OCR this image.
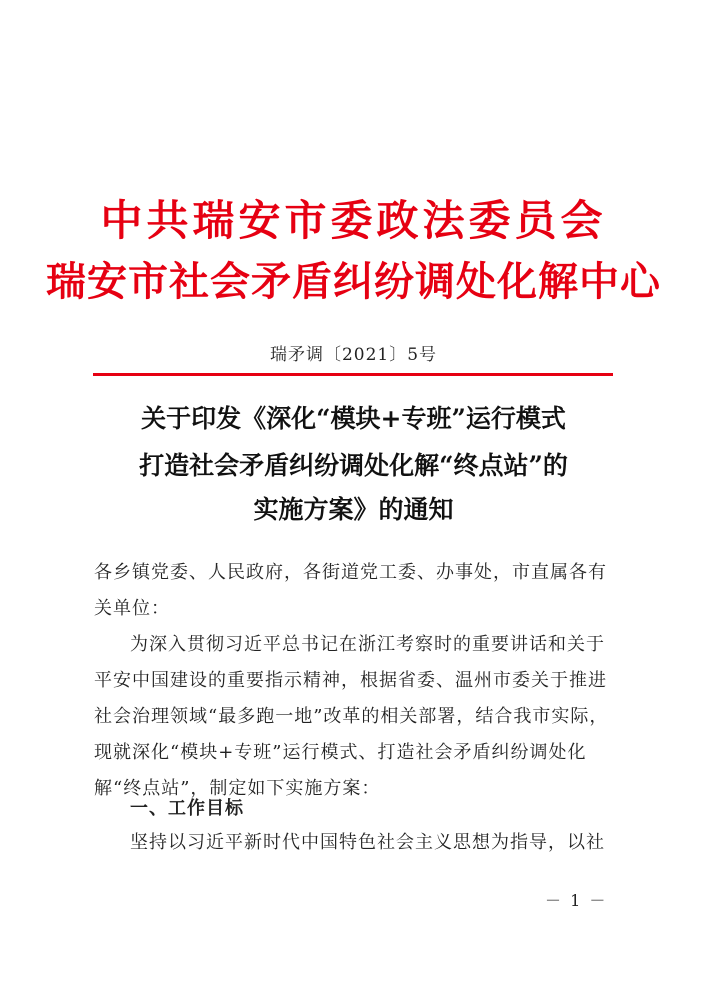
中共瑞安市委政法委员会
瑞安市社会矛盾纠纷调处化解中心
瑞矛调〔2021〕5号
关于印发《深化“模块+专班”运行模式
打造社会矛盾纠纷调处化解“终点站”的
实施方案》的通知
各乡镇党委、人民政府，各街道党工委、办事处，市直属各有
关单位：
为深入贯彻习近平总书记在浙江考察时的重要讲话和关于
平安中国建设的重要指示精神，根据省委、温州市委关于推进
社会治理领域“最多跑一地”改革的相关部署，结合我市实际，
现就深化“模块+专班”运行模式、打造社会矛盾纠纷调处化
解“终点站”，制定如下实施方案：
一、工作目标
坚持以习近平新时代中国特色社会主义思想为指导，以社
－ 1 －
